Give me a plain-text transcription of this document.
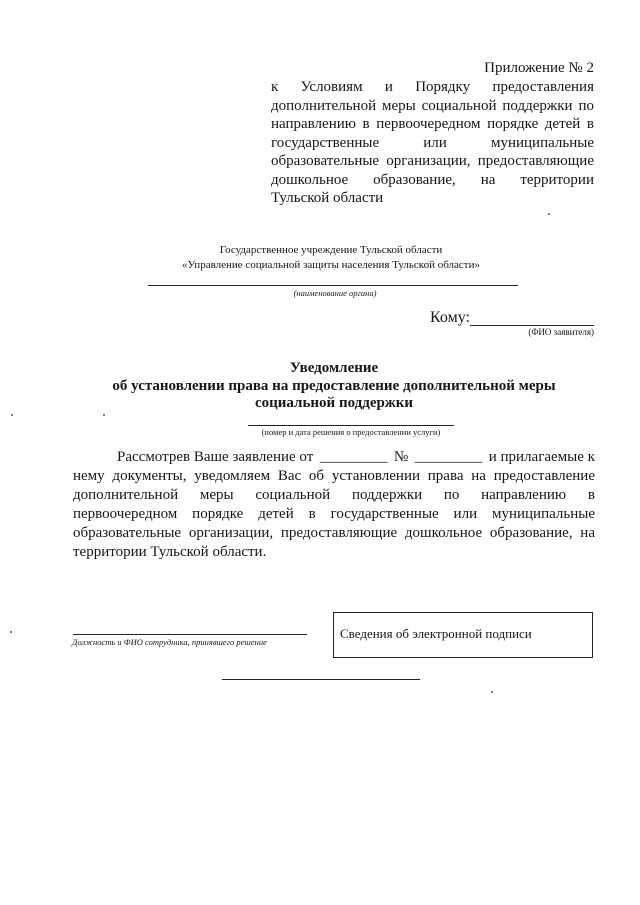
Приложение № 2
к Условиям и Порядку предоставления
дополнительной меры социальной поддержки по
направлению в первоочередном порядке детей в
государственные	или	муниципальные
образовательные организации, предоставляющие
дошкольное образование, на территории
Тульской области
Государственное учреждение Тульской области
«Управление социальной защиты населения Тульской области»
(наименование органа)
Кому:
(ФИО заявителя)
Уведомление
об установлении права на предоставление дополнительной меры
социальной поддержки
(номер и дата решения о предоставлении услуги)
Рассмотрев Ваше заявление от _________ № _________ и прилагаемые к
нему документы, уведомляем Вас об установлении права на предоставление
дополнительной меры социальной поддержки по направлению в
первоочередном порядке детей в государственные или муниципальные
образовательные организации, предоставляющие дошкольное образование, на
территории Тульской области.
Должность и ФИО сотрудника, принявшего решение
Сведения об электронной подписи
